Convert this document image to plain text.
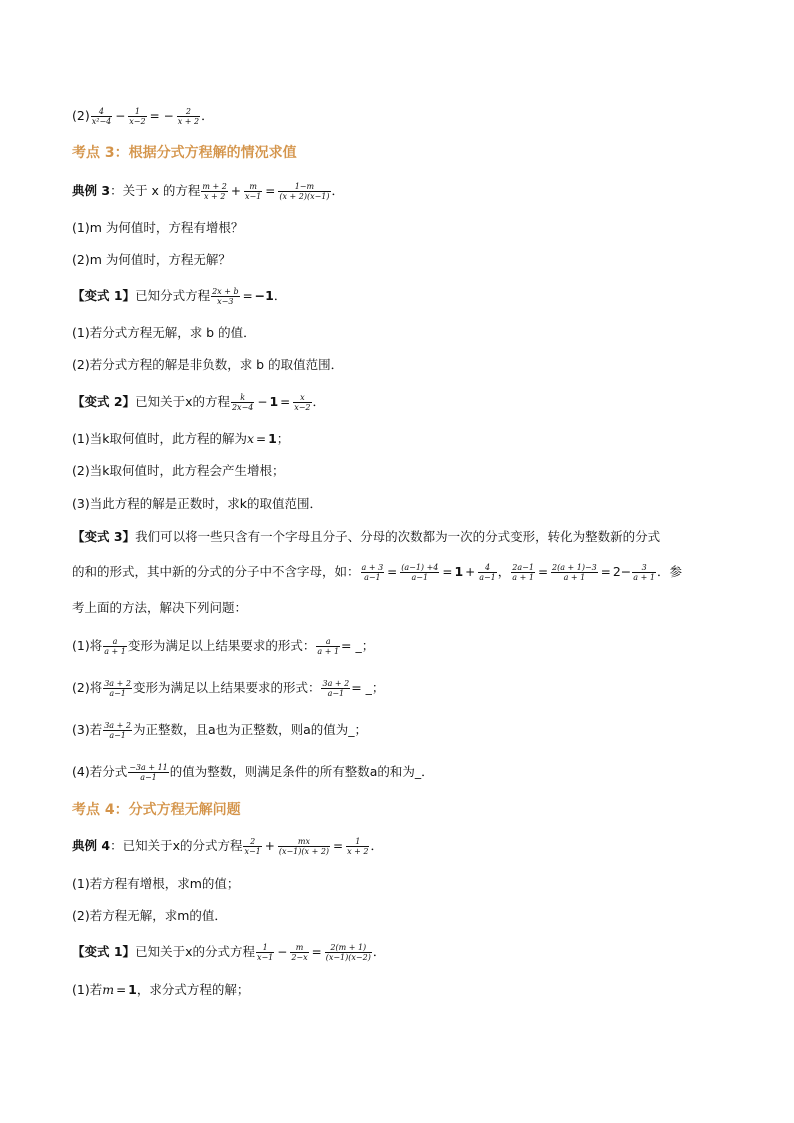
$(2) \frac{4}{\text{x²−4}} - \frac{1}{x-2}$ = − $\frac{2}{x + 2}$ ．
考点 3：根据分式方程解的情况求值
典例 3：关于 x 的方程 $\frac{m + 2}{x + 2} + \frac{m}{x-1} = \frac{1-m}{(x + 2)(x-1)}$ ．
(1)m 为何值时，方程有增根？
(2)m 为何值时，方程无解？
【变式 1】已知分式方程 $\frac{2x + b}{x-3} = -1$．
(1)若分式方程无解，求 b 的值．
(2)若分式方程的解是非负数，求 b 的取值范围．
【变式 2】已知关于x的方程 $\frac{k}{2x-4} - 1 = \frac{x}{x-2}$ ．
(1)当k取何值时，此方程的解为x = 1；
(2)当k取何值时，此方程会产生增根；
(3)当此方程的解是正数时，求k的取值范围．
【变式 3】我们可以将一些只含有一个字母且分子、分母的次数都为一次的分式变形，转化为整数新的分式
的和的形式，其中新的分式的分子中不含字母，如： $\frac{a + 3}{a-1} = \frac{(a-1) +4}{a-1} = 1 + \frac{4}{a-1}$ ， $\frac{2a-1}{a + 1} = \frac{2(a + 1)-3}{a + 1} = 2- \frac{3}{a + 1}$ ．参
考上面的方法，解决下列问题：
(1)将 $\frac{a}{a + 1}$ 变形为满足以上结果要求的形式： $\frac{a}{a + 1}$ = _；
(2)将 $\frac{3a + 2}{a-1}$ 变形为满足以上结果要求的形式： $\frac{3a + 2}{a-1}$ = _；
(3)若 $\frac{3a + 2}{a-1}$ 为正整数，且a也为正整数，则a的值为_；
(4)若分式 $\frac{-3a + 11}{a-1}$ 的值为整数，则满足条件的所有整数a的和为_．
考点 4：分式方程无解问题
典例 4：已知关于x的分式方程 $\frac{2}{x-1} + \frac{mx}{(x-1)(x + 2)} = \frac{1}{x + 2}$ ．
(1)若方程有增根，求m的值；
(2)若方程无解，求m的值．
【变式 1】已知关于x的分式方程 $\frac{1}{x-1} - \frac{m}{2-x} = \frac{2(m + 1)}{(x-1)(x-2)}$ ．
(1)若m = 1，求分式方程的解；
